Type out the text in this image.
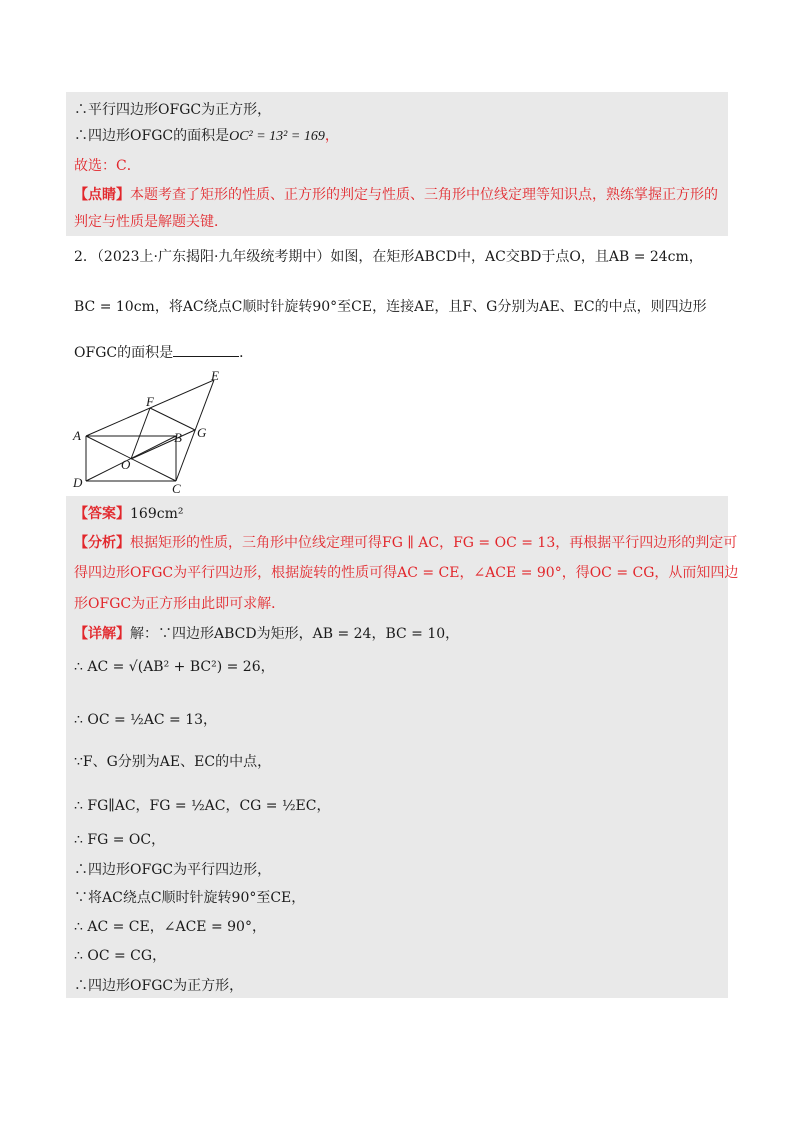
∴平行四边形OFGC为正方形，
∴四边形OFGC的面积是OC² = 13² = 169，
故选：C．
【点睛】本题考查了矩形的性质、正方形的判定与性质、三角形中位线定理等知识点，熟练掌握正方形的
判定与性质是解题关键．
2．（2023上·广东揭阳·九年级统考期中）如图，在矩形ABCD中，AC交BD于点O，且AB = 24cm，
BC = 10cm，将AC绕点C顺时针旋转90°至CE，连接AE，且F、G分别为AE、EC的中点，则四边形
OFGC的面积是	．
E
F
A	B G
O
D	C
【答案】169cm²
【分析】根据矩形的性质，三角形中位线定理可得FG ∥ AC，FG = OC = 13，再根据平行四边形的判定可
得四边形OFGC为平行四边形，根据旋转的性质可得AC = CE，∠ACE = 90°，得OC = CG，从而知四边
形OFGC为正方形由此即可求解．
【详解】解：∵四边形ABCD为矩形，AB = 24，BC = 10，
∴ AC = √(AB² + BC²) = 26，
∴ OC = ½AC = 13，
∵F、G分别为AE、EC的中点，
∴ FG∥AC，FG = ½AC，CG = ½EC，
∴ FG = OC，
∴四边形OFGC为平行四边形，
∵将AC绕点C顺时针旋转90°至CE，
∴ AC = CE，∠ACE = 90°，
∴ OC = CG，
∴四边形OFGC为正方形，
